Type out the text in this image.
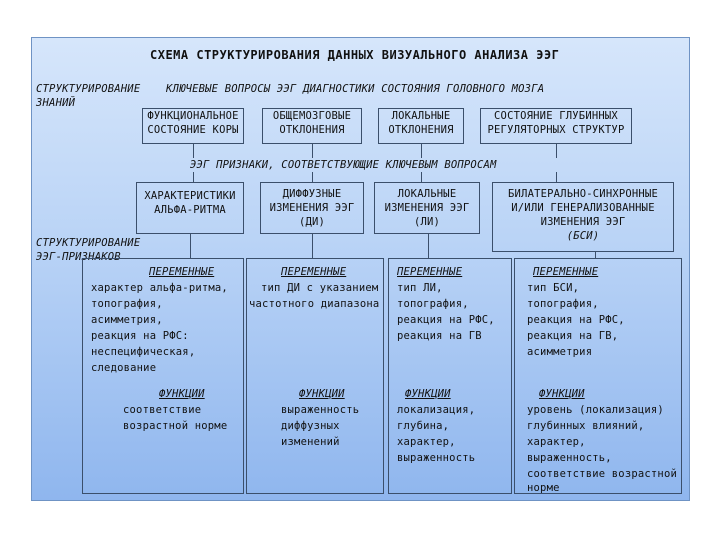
СХЕМА СТРУКТУРИРОВАНИЯ ДАННЫХ ВИЗУАЛЬНОГО АНАЛИЗА ЭЭГ
СТРУКТУРИРОВАНИЕ
ЗНАНИЙ
КЛЮЧЕВЫЕ ВОПРОСЫ ЭЭГ ДИАГНОСТИКИ СОСТОЯНИЯ ГОЛОВНОГО МОЗГА
ФУНКЦИОНАЛЬНОЕ
СОСТОЯНИЕ КОРЫ
ОБЩЕМОЗГОВЫЕ
ОТКЛОНЕНИЯ
ЛОКАЛЬНЫЕ
ОТКЛОНЕНИЯ
СОСТОЯНИЕ ГЛУБИННЫХ
РЕГУЛЯТОРНЫХ СТРУКТУР
ЭЭГ ПРИЗНАКИ, СООТВЕТСТВУЮЩИЕ КЛЮЧЕВЫМ ВОПРОСАМ
ХАРАКТЕРИСТИКИ
АЛЬФА-РИТМА
ДИФФУЗНЫЕ
ИЗМЕНЕНИЯ ЭЭГ
(ДИ)
ЛОКАЛЬНЫЕ
ИЗМЕНЕНИЯ ЭЭГ
(ЛИ)
БИЛАТЕРАЛЬНО-СИНХРОННЫЕ
И/ИЛИ ГЕНЕРАЛИЗОВАННЫЕ
ИЗМЕНЕНИЯ ЭЭГ
(БСИ)
СТРУКТУРИРОВАНИЕ
ЭЭГ-ПРИЗНАКОВ
ПЕРЕМЕННЫЕ
характер альфа-ритма,
топография,
асимметрия,
реакция на РФС:
неспецифическая,
следование
ФУНКЦИИ
соответствие
возрастной норме
ПЕРЕМЕННЫЕ
тип ДИ с указанием
частотного диапазона
ФУНКЦИИ
выраженность
диффузных
изменений
ПЕРЕМЕННЫЕ
тип ЛИ,
топография,
реакция на РФС,
реакция на ГВ
ФУНКЦИИ
локализация,
глубина,
характер,
выраженность
ПЕРЕМЕННЫЕ
тип БСИ,
топография,
реакция на РФС,
реакция на ГВ,
асимметрия
ФУНКЦИИ
уровень (локализация)
глубинных влияний,
характер,
выраженность,
соответствие возрастной
норме
